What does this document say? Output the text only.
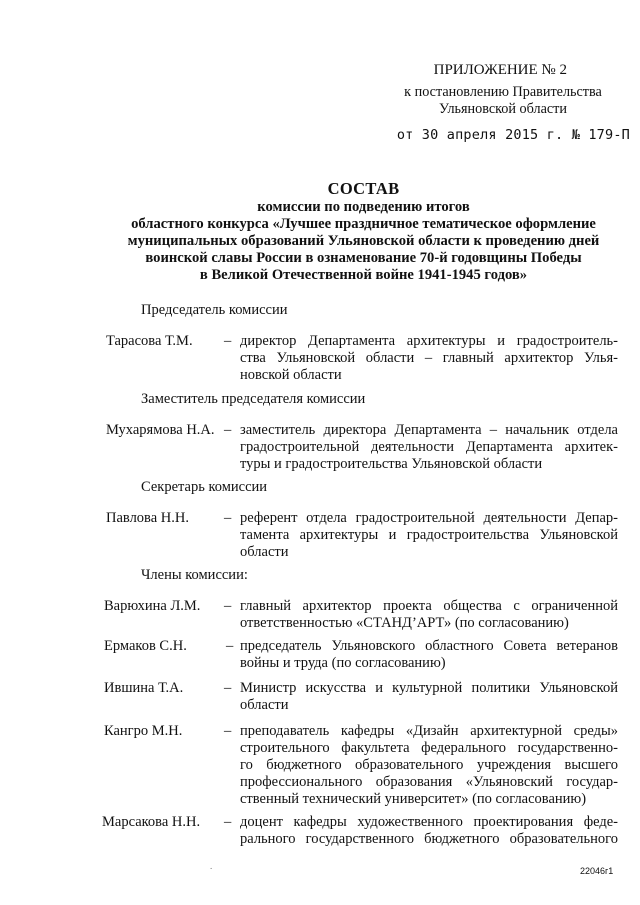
ПРИЛОЖЕНИЕ № 2
к постановлению Правительства
Ульяновской области
от 30 апреля 2015 г. № 179-П
СОСТАВ
комиссии по подведению итогов
областного конкурса «Лучшее праздничное тематическое оформление
муниципальных образований Ульяновской области к проведению дней
воинской славы России в ознаменование 70-й годовщины Победы
в Великой Отечественной войне 1941-1945 годов»
Председатель комиссии
Тарасова Т.М. – директор Департамента архитектуры и градостроитель-
ства Ульяновской области – главный архитектор Улья-
новской области
Заместитель председателя комиссии
Мухарямова Н.А. – заместитель директора Департамента – начальник отдела
градостроительной деятельности Департамента архитек-
туры и градостроительства Ульяновской области
Секретарь комиссии
Павлова Н.Н. – референт отдела градостроительной деятельности Депар-
тамента архитектуры и градостроительства Ульяновской
области
Члены комиссии:
Варюхина Л.М. – главный архитектор проекта общества с ограниченной
ответственностью «СТАНД’АРТ» (по согласованию)
Ермаков С.Н.	– председатель Ульяновского областного Совета ветеранов
войны и труда (по согласованию)
Ившина Т.А.	– Министр искусства и культурной политики Ульяновской
области
Кангро М.Н.	– преподаватель кафедры «Дизайн архитектурной среды»
строительного факультета федерального государственно-
го бюджетного образовательного учреждения высшего
профессионального образования «Ульяновский государ-
ственный технический университет» (по согласованию)
Марсакова Н.Н. – доцент кафедры художественного проектирования феде-
рального государственного бюджетного образовательного
.	22046г1
